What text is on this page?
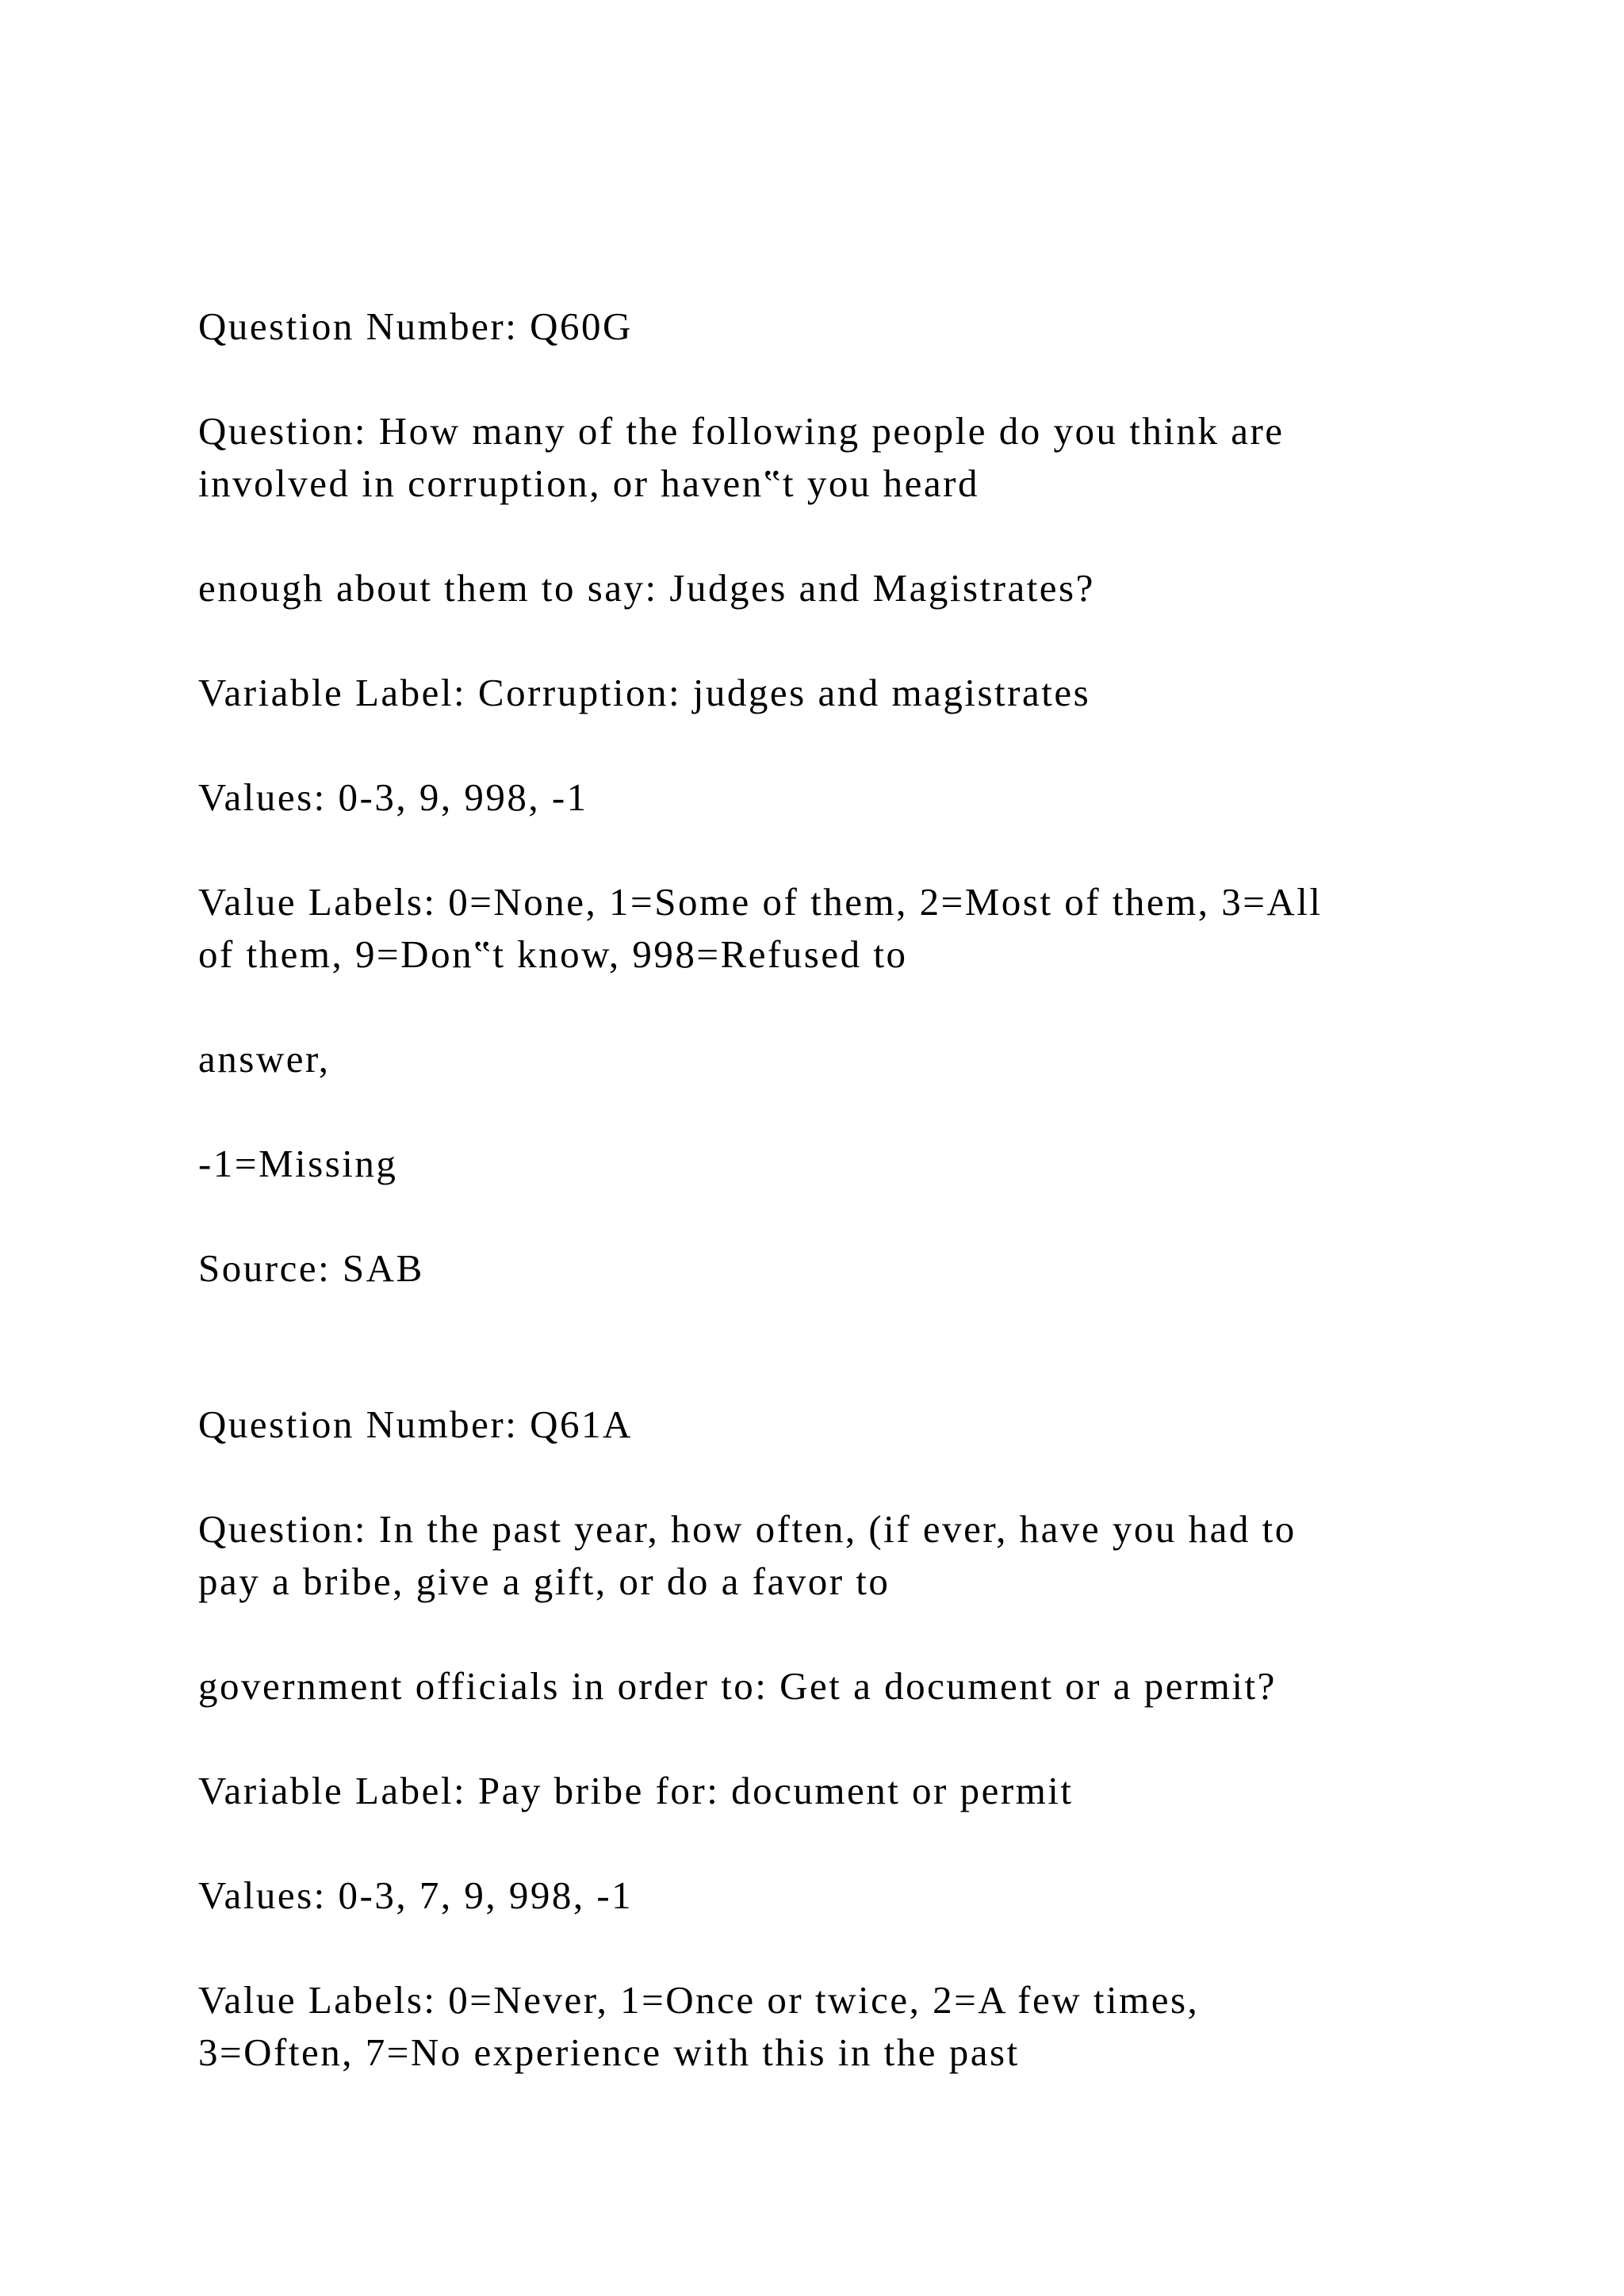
Question Number: Q60G
Question: How many of the following people do you think are
involved in corruption, or haven‟t you heard
enough about them to say: Judges and Magistrates?
Variable Label: Corruption: judges and magistrates
Values: 0-3, 9, 998, -1
Value Labels: 0=None, 1=Some of them, 2=Most of them, 3=All
of them, 9=Don‟t know, 998=Refused to
answer,
-1=Missing
Source: SAB
Question Number: Q61A
Question: In the past year, how often, (if ever, have you had to
pay a bribe, give a gift, or do a favor to
government officials in order to: Get a document or a permit?
Variable Label: Pay bribe for: document or permit
Values: 0-3, 7, 9, 998, -1
Value Labels: 0=Never, 1=Once or twice, 2=A few times,
3=Often, 7=No experience with this in the past
